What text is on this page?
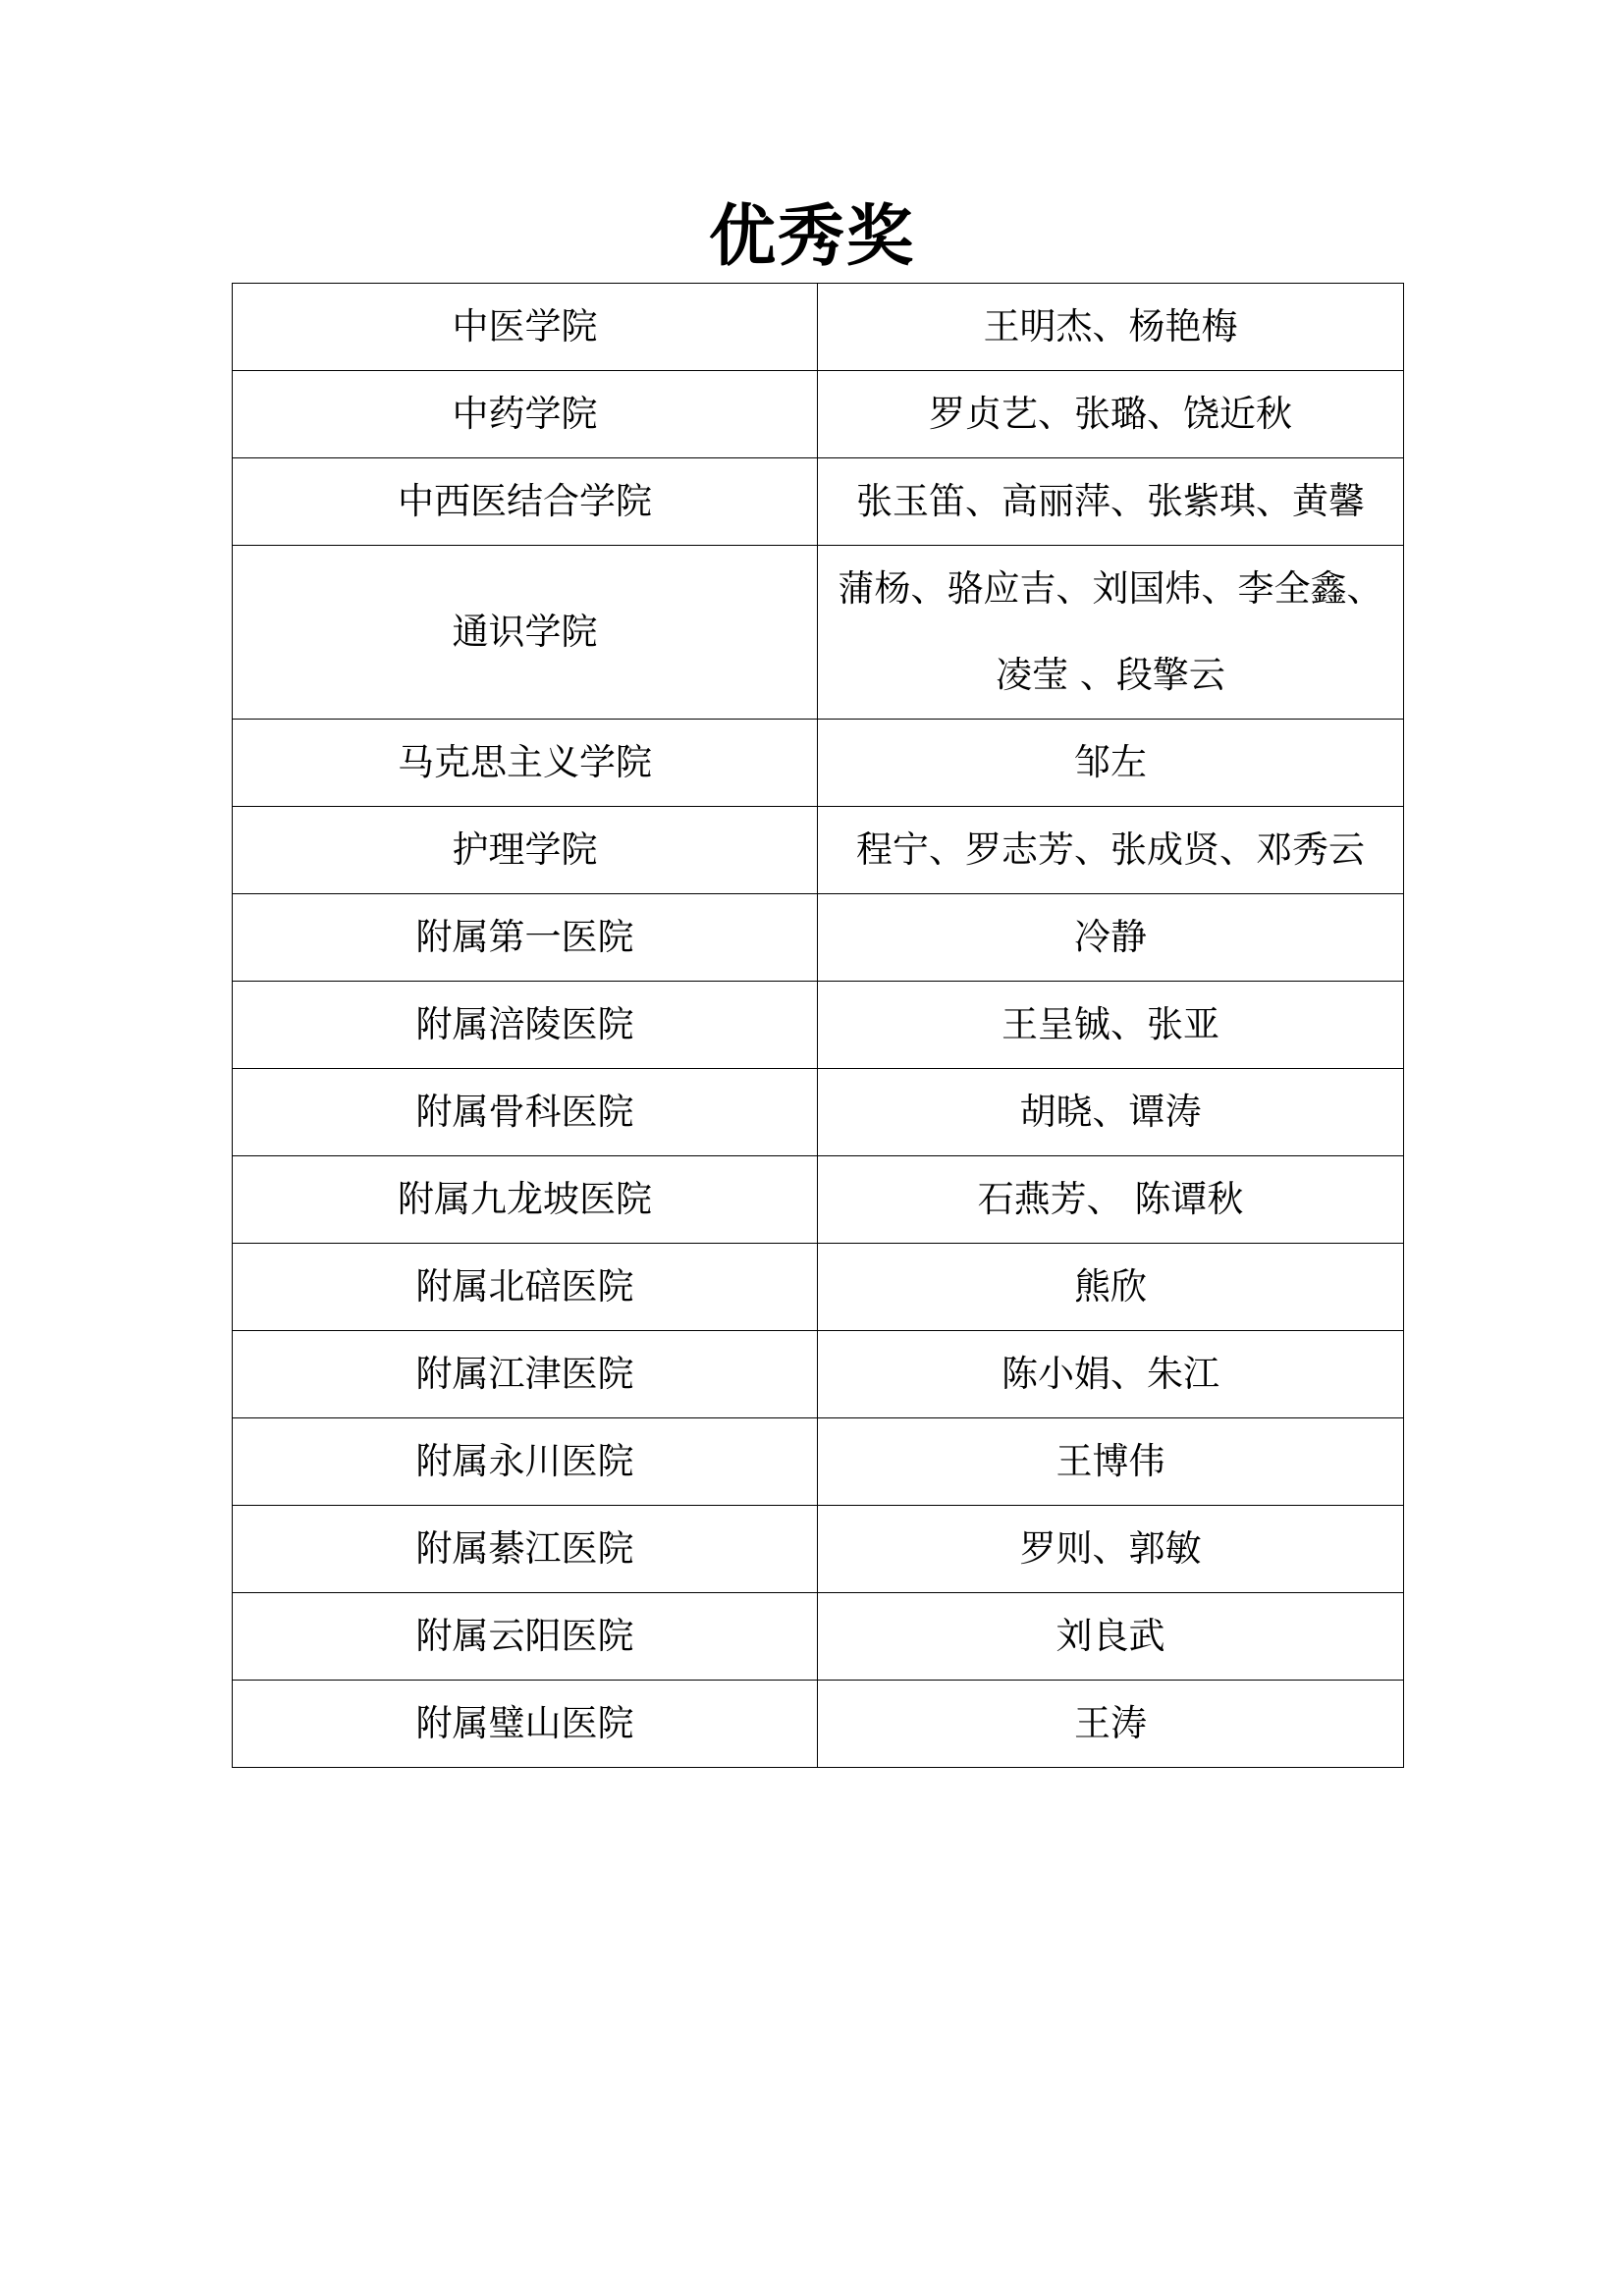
优秀奖
中医学院	王明杰、杨艳梅
中药学院	罗贞艺、张璐、饶近秋
中西医结合学院	张玉笛、高丽萍、张紫琪、黄馨
通识学院	蒲杨、骆应吉、刘国炜、李全鑫、凌莹 、段擎云
马克思主义学院	邹左
护理学院	程宁、罗志芳、张成贤、邓秀云
附属第一医院	冷静
附属涪陵医院	王呈铖、张亚
附属骨科医院	胡晓、谭涛
附属九龙坡医院	石燕芳、 陈谭秋
附属北碚医院	熊欣
附属江津医院	陈小娟、朱江
附属永川医院	王博伟
附属綦江医院	罗则、郭敏
附属云阳医院	刘良武
附属璧山医院	王涛
